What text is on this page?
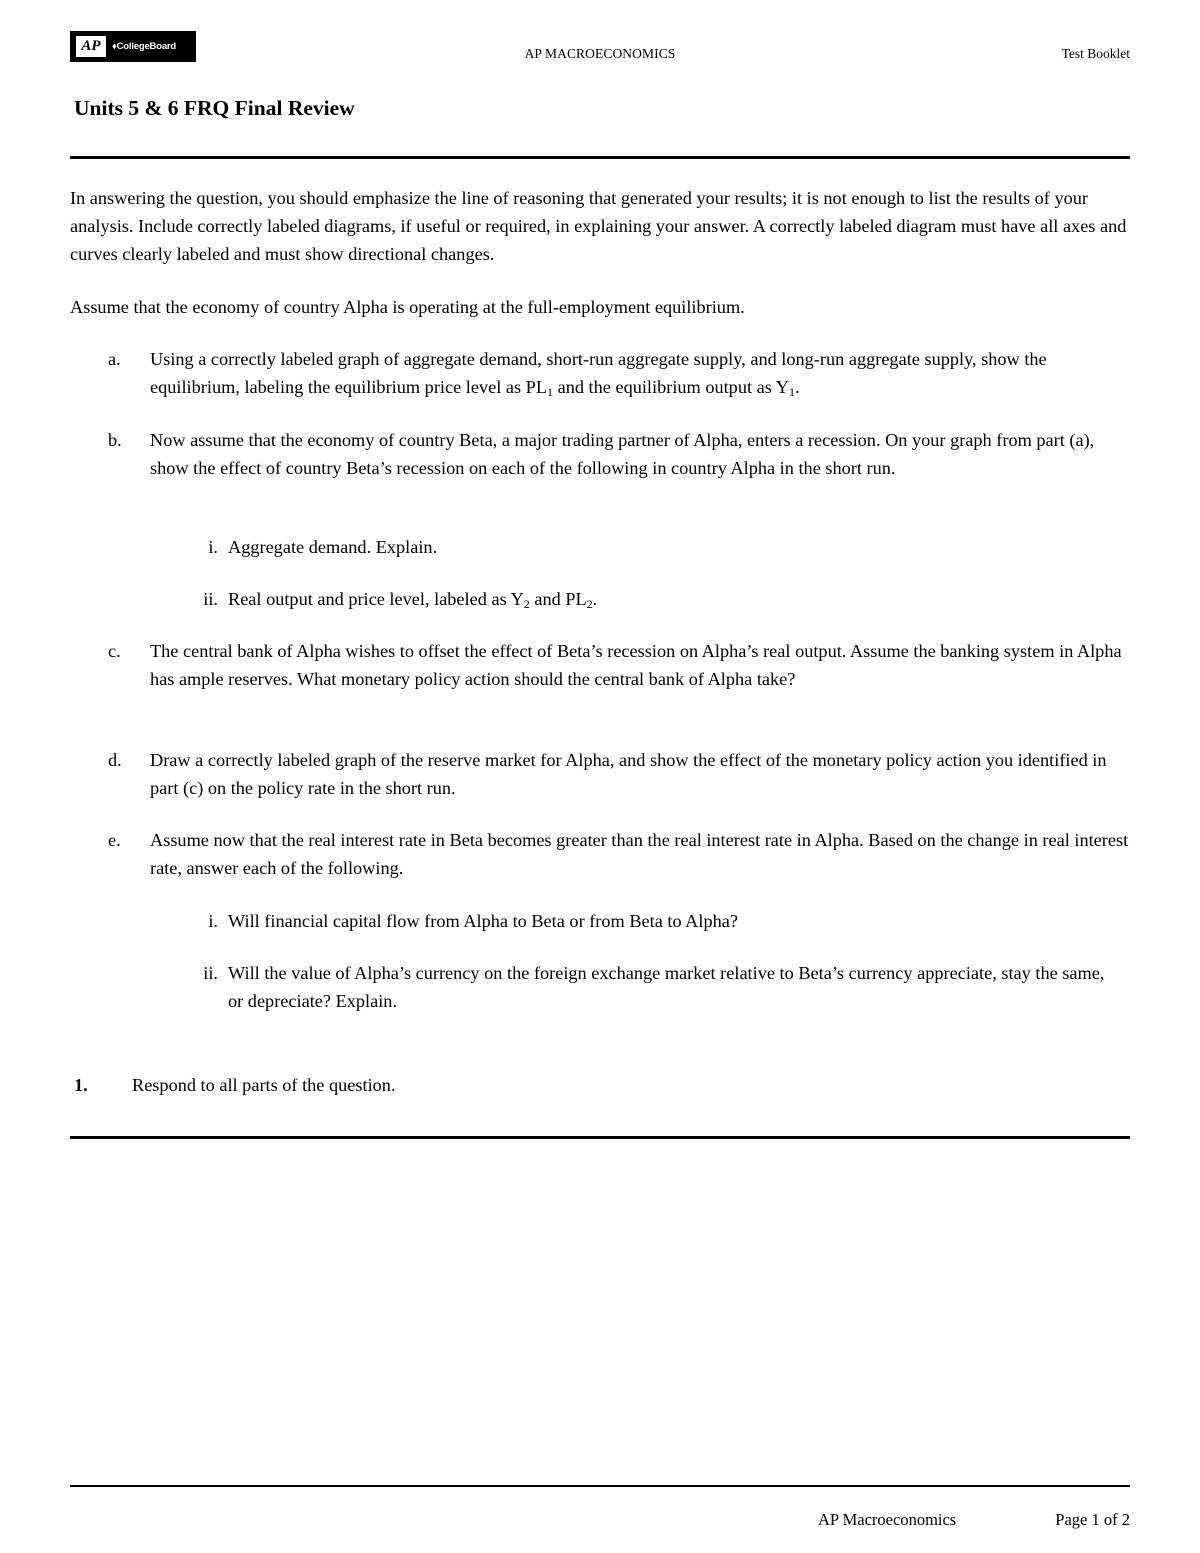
AP	♦CollegeBoard	AP MACROECONOMICS	Test Booklet
Units 5 & 6 FRQ Final Review
In answering the question, you should emphasize the line of reasoning that generated your results; it is not enough to list the results of your analysis. Include correctly labeled diagrams, if useful or required, in explaining your answer. A correctly labeled diagram must have all axes and curves clearly labeled and must show directional changes.
Assume that the economy of country Alpha is operating at the full-employment equilibrium.
a.	Using a correctly labeled graph of aggregate demand, short-run aggregate supply, and long-run aggregate supply, show the equilibrium, labeling the equilibrium price level as $PL_1$ and the equilibrium output as $Y_1$.
b.	Now assume that the economy of country Beta, a major trading partner of Alpha, enters a recession. On your graph from part (a), show the effect of country Beta’s recession on each of the following in country Alpha in the short run.
i. Aggregate demand. Explain.
ii. Real output and price level, labeled as $Y_2$ and $PL_2$.
c.	The central bank of Alpha wishes to offset the effect of Beta’s recession on Alpha’s real output. Assume the banking system in Alpha has ample reserves. What monetary policy action should the central bank of Alpha take?
d.	Draw a correctly labeled graph of the reserve market for Alpha, and show the effect of the monetary policy action you identified in part (c) on the policy rate in the short run.
e.	Assume now that the real interest rate in Beta becomes greater than the real interest rate in Alpha. Based on the change in real interest rate, answer each of the following.
i. Will financial capital flow from Alpha to Beta or from Beta to Alpha?
ii. Will the value of Alpha’s currency on the foreign exchange market relative to Beta’s currency appreciate, stay the same, or depreciate? Explain.
1.	Respond to all parts of the question.
AP Macroeconomics	Page 1 of 2
